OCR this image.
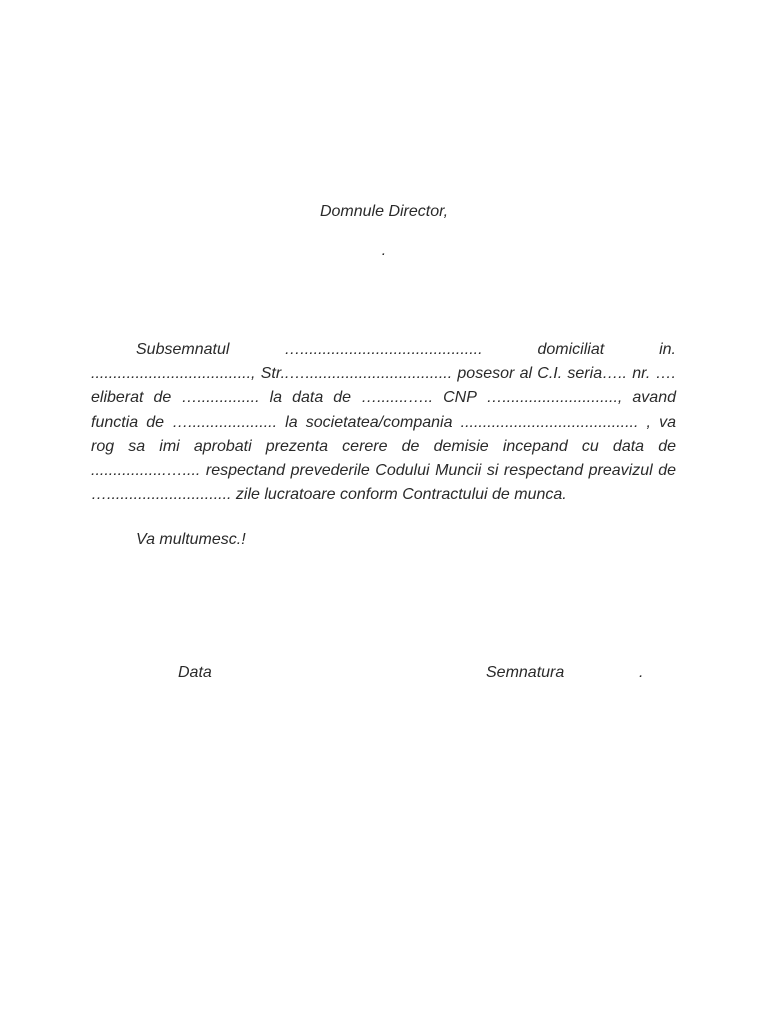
Domnule Director,
.

Subsemnatul …......................................... domiciliat in. ...................................., Str..…................................. posesor al C.I. seria….. nr. …. eliberat de ….............. la data de ….......….. CNP ….........................., avand functia de ….................... la societatea/compania ........................................ , va rog sa imi aprobati prezenta cerere de demisie incepand cu data de .................….... respectand prevederile Codului Muncii si respectand preavizul de …............................ zile lucratoare conform Contractului de munca.

Va multumesc.!
Data	Semnatura	.
